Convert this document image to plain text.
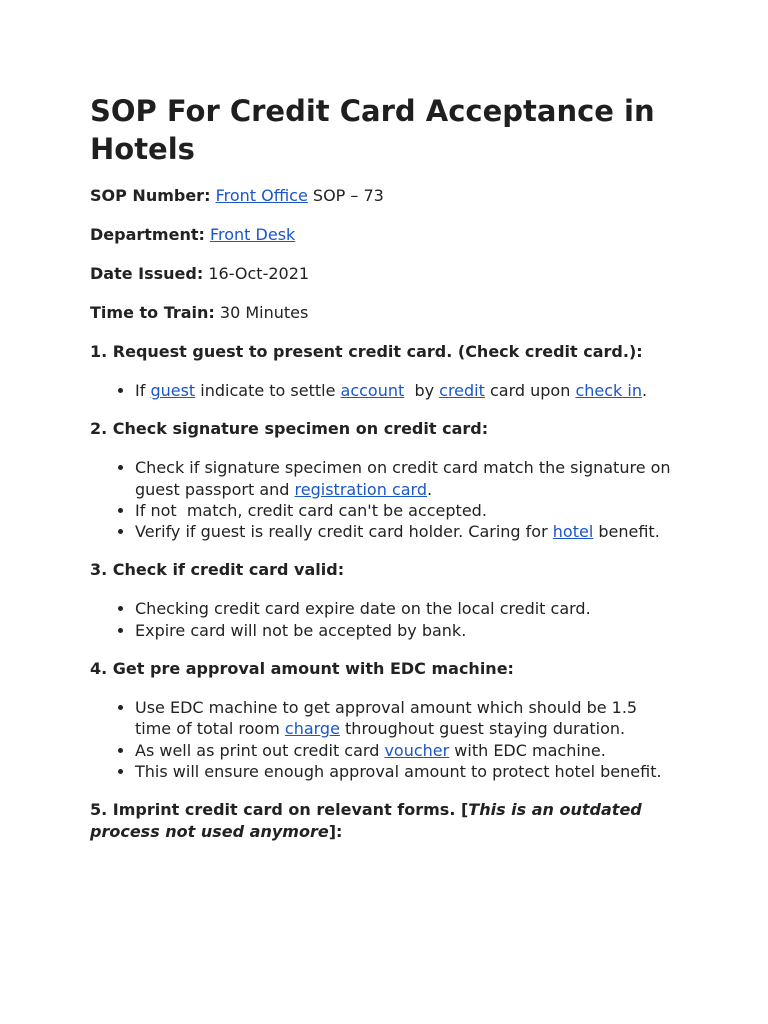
SOP For Credit Card Acceptance in Hotels

SOP Number: Front Office SOP – 73

Department: Front Desk

Date Issued: 16-Oct-2021

Time to Train: 30 Minutes

1. Request guest to present credit card. (Check credit card.):

• If guest indicate to settle account  by credit card upon check in.

2. Check signature specimen on credit card:

• Check if signature specimen on credit card match the signature on guest passport and registration card.
• If not  match, credit card can't be accepted.
• Verify if guest is really credit card holder. Caring for hotel benefit.

3. Check if credit card valid:

• Checking credit card expire date on the local credit card.
• Expire card will not be accepted by bank.

4. Get pre approval amount with EDC machine:

• Use EDC machine to get approval amount which should be 1.5 time of total room charge throughout guest staying duration.
• As well as print out credit card voucher with EDC machine.
• This will ensure enough approval amount to protect hotel benefit.

5. Imprint credit card on relevant forms. [This is an outdated process not used anymore]:
